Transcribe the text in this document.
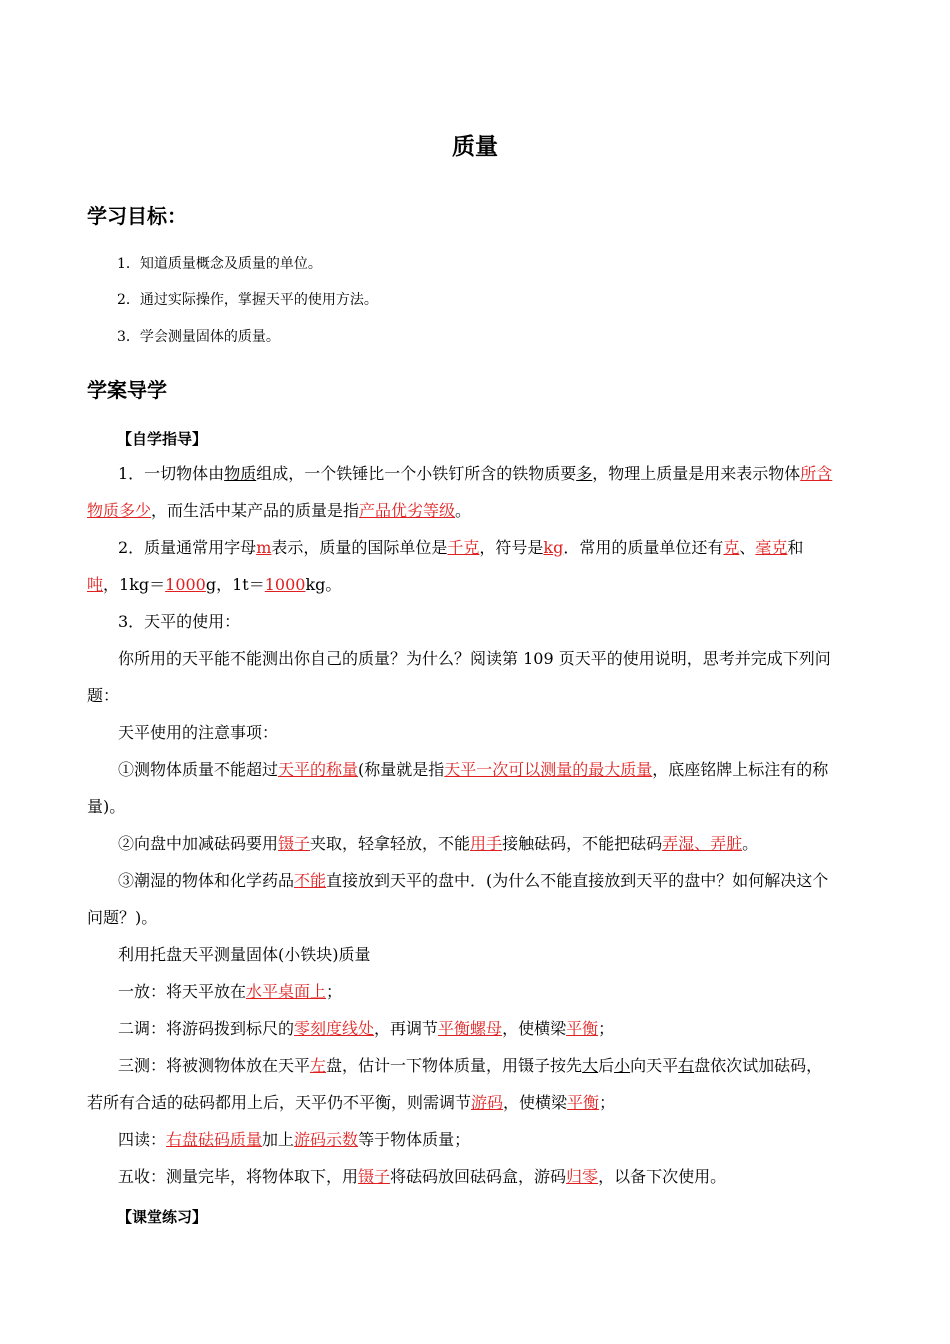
质量
学习目标：
1．知道质量概念及质量的单位。
2．通过实际操作，掌握天平的使用方法。
3．学会测量固体的质量。
学案导学
【自学指导】
1．一切物体由物质组成，一个铁锤比一个小铁钉所含的铁物质要多，物理上质量是用来表示物体所含
物质多少，而生活中某产品的质量是指产品优劣等级。
2．质量通常用字母m表示，质量的国际单位是千克，符号是kg．常用的质量单位还有克、毫克和
吨，1kg＝1000g，1t＝1000kg。
3．天平的使用：
你所用的天平能不能测出你自己的质量？为什么？阅读第 109 页天平的使用说明，思考并完成下列问
题：
天平使用的注意事项：
①测物体质量不能超过天平的称量(称量就是指天平一次可以测量的最大质量，底座铭牌上标注有的称
量)。
②向盘中加减砝码要用镊子夹取，轻拿轻放，不能用手接触砝码，不能把砝码弄湿、弄脏。
③潮湿的物体和化学药品不能直接放到天平的盘中．(为什么不能直接放到天平的盘中？如何解决这个
问题？)。
利用托盘天平测量固体(小铁块)质量
一放：将天平放在水平桌面上；
二调：将游码拨到标尺的零刻度线处，再调节平衡螺母，使横梁平衡；
三测：将被测物体放在天平左盘，估计一下物体质量，用镊子按先大后小向天平右盘依次试加砝码，
若所有合适的砝码都用上后，天平仍不平衡，则需调节游码，使横梁平衡；
四读：右盘砝码质量加上游码示数等于物体质量；
五收：测量完毕，将物体取下，用镊子将砝码放回砝码盒，游码归零，以备下次使用。
【课堂练习】
